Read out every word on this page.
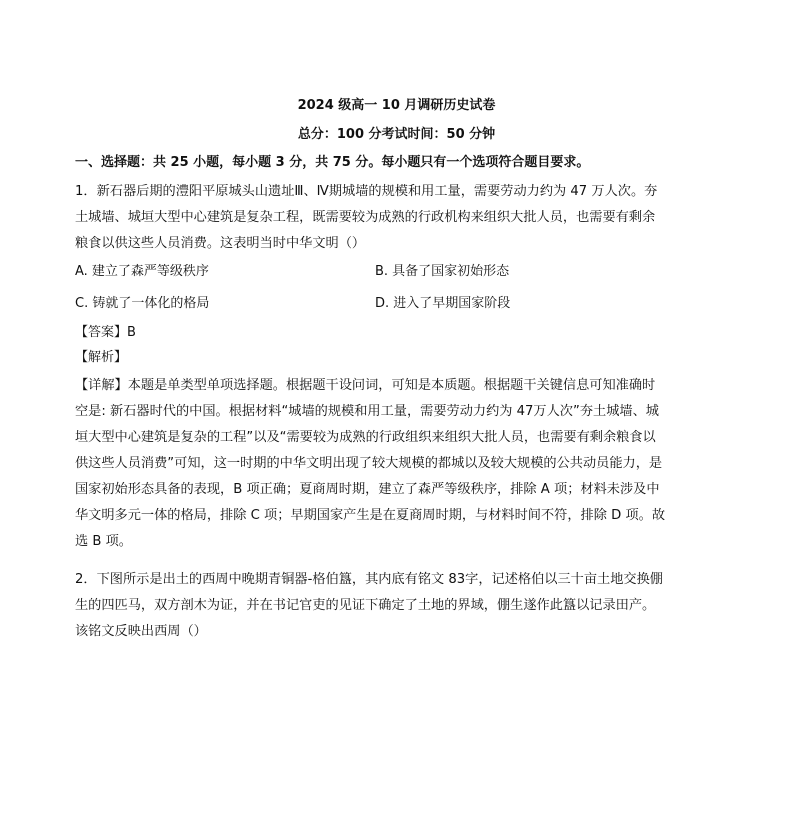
2024 级高一 10 月调研历史试卷
总分：100 分考试时间：50 分钟
一、选择题：共 25 小题，每小题 3 分，共 75 分。每小题只有一个选项符合题目要求。
1．新石器后期的澧阳平原城头山遗址Ⅲ、Ⅳ期城墙的规模和用工量，需要劳动力约为 47 万人次。夯土城墙、城垣大型中心建筑是复杂工程，既需要较为成熟的行政机构来组织大批人员，也需要有剩余粮食以供这些人员消费。这表明当时中华文明（）
A. 建立了森严等级秩序	B. 具备了国家初始形态
C. 铸就了一体化的格局	D. 进入了早期国家阶段
【答案】B
【解析】
【详解】本题是单类型单项选择题。根据题干设问词，可知是本质题。根据题干关键信息可知准确时空是: 新石器时代的中国。根据材料“城墙的规模和用工量，需要劳动力约为 47万人次”夯土城墙、城垣大型中心建筑是复杂的工程”以及“需要较为成熟的行政组织来组织大批人员，也需要有剩余粮食以供这些人员消费”可知，这一时期的中华文明出现了较大规模的都城以及较大规模的公共动员能力，是国家初始形态具备的表现，B 项正确；夏商周时期，建立了森严等级秩序，排除 A 项；材料未涉及中华文明多元一体的格局，排除 C 项；早期国家产生是在夏商周时期，与材料时间不符，排除 D 项。故选 B 项。
2．下图所示是出土的西周中晚期青铜器-格伯簋，其内底有铭文 83字，记述格伯以三十亩土地交换倗生的四匹马，双方剖木为证，并在书记官吏的见证下确定了土地的界域，倗生遂作此簋以记录田产。该铭文反映出西周（）
